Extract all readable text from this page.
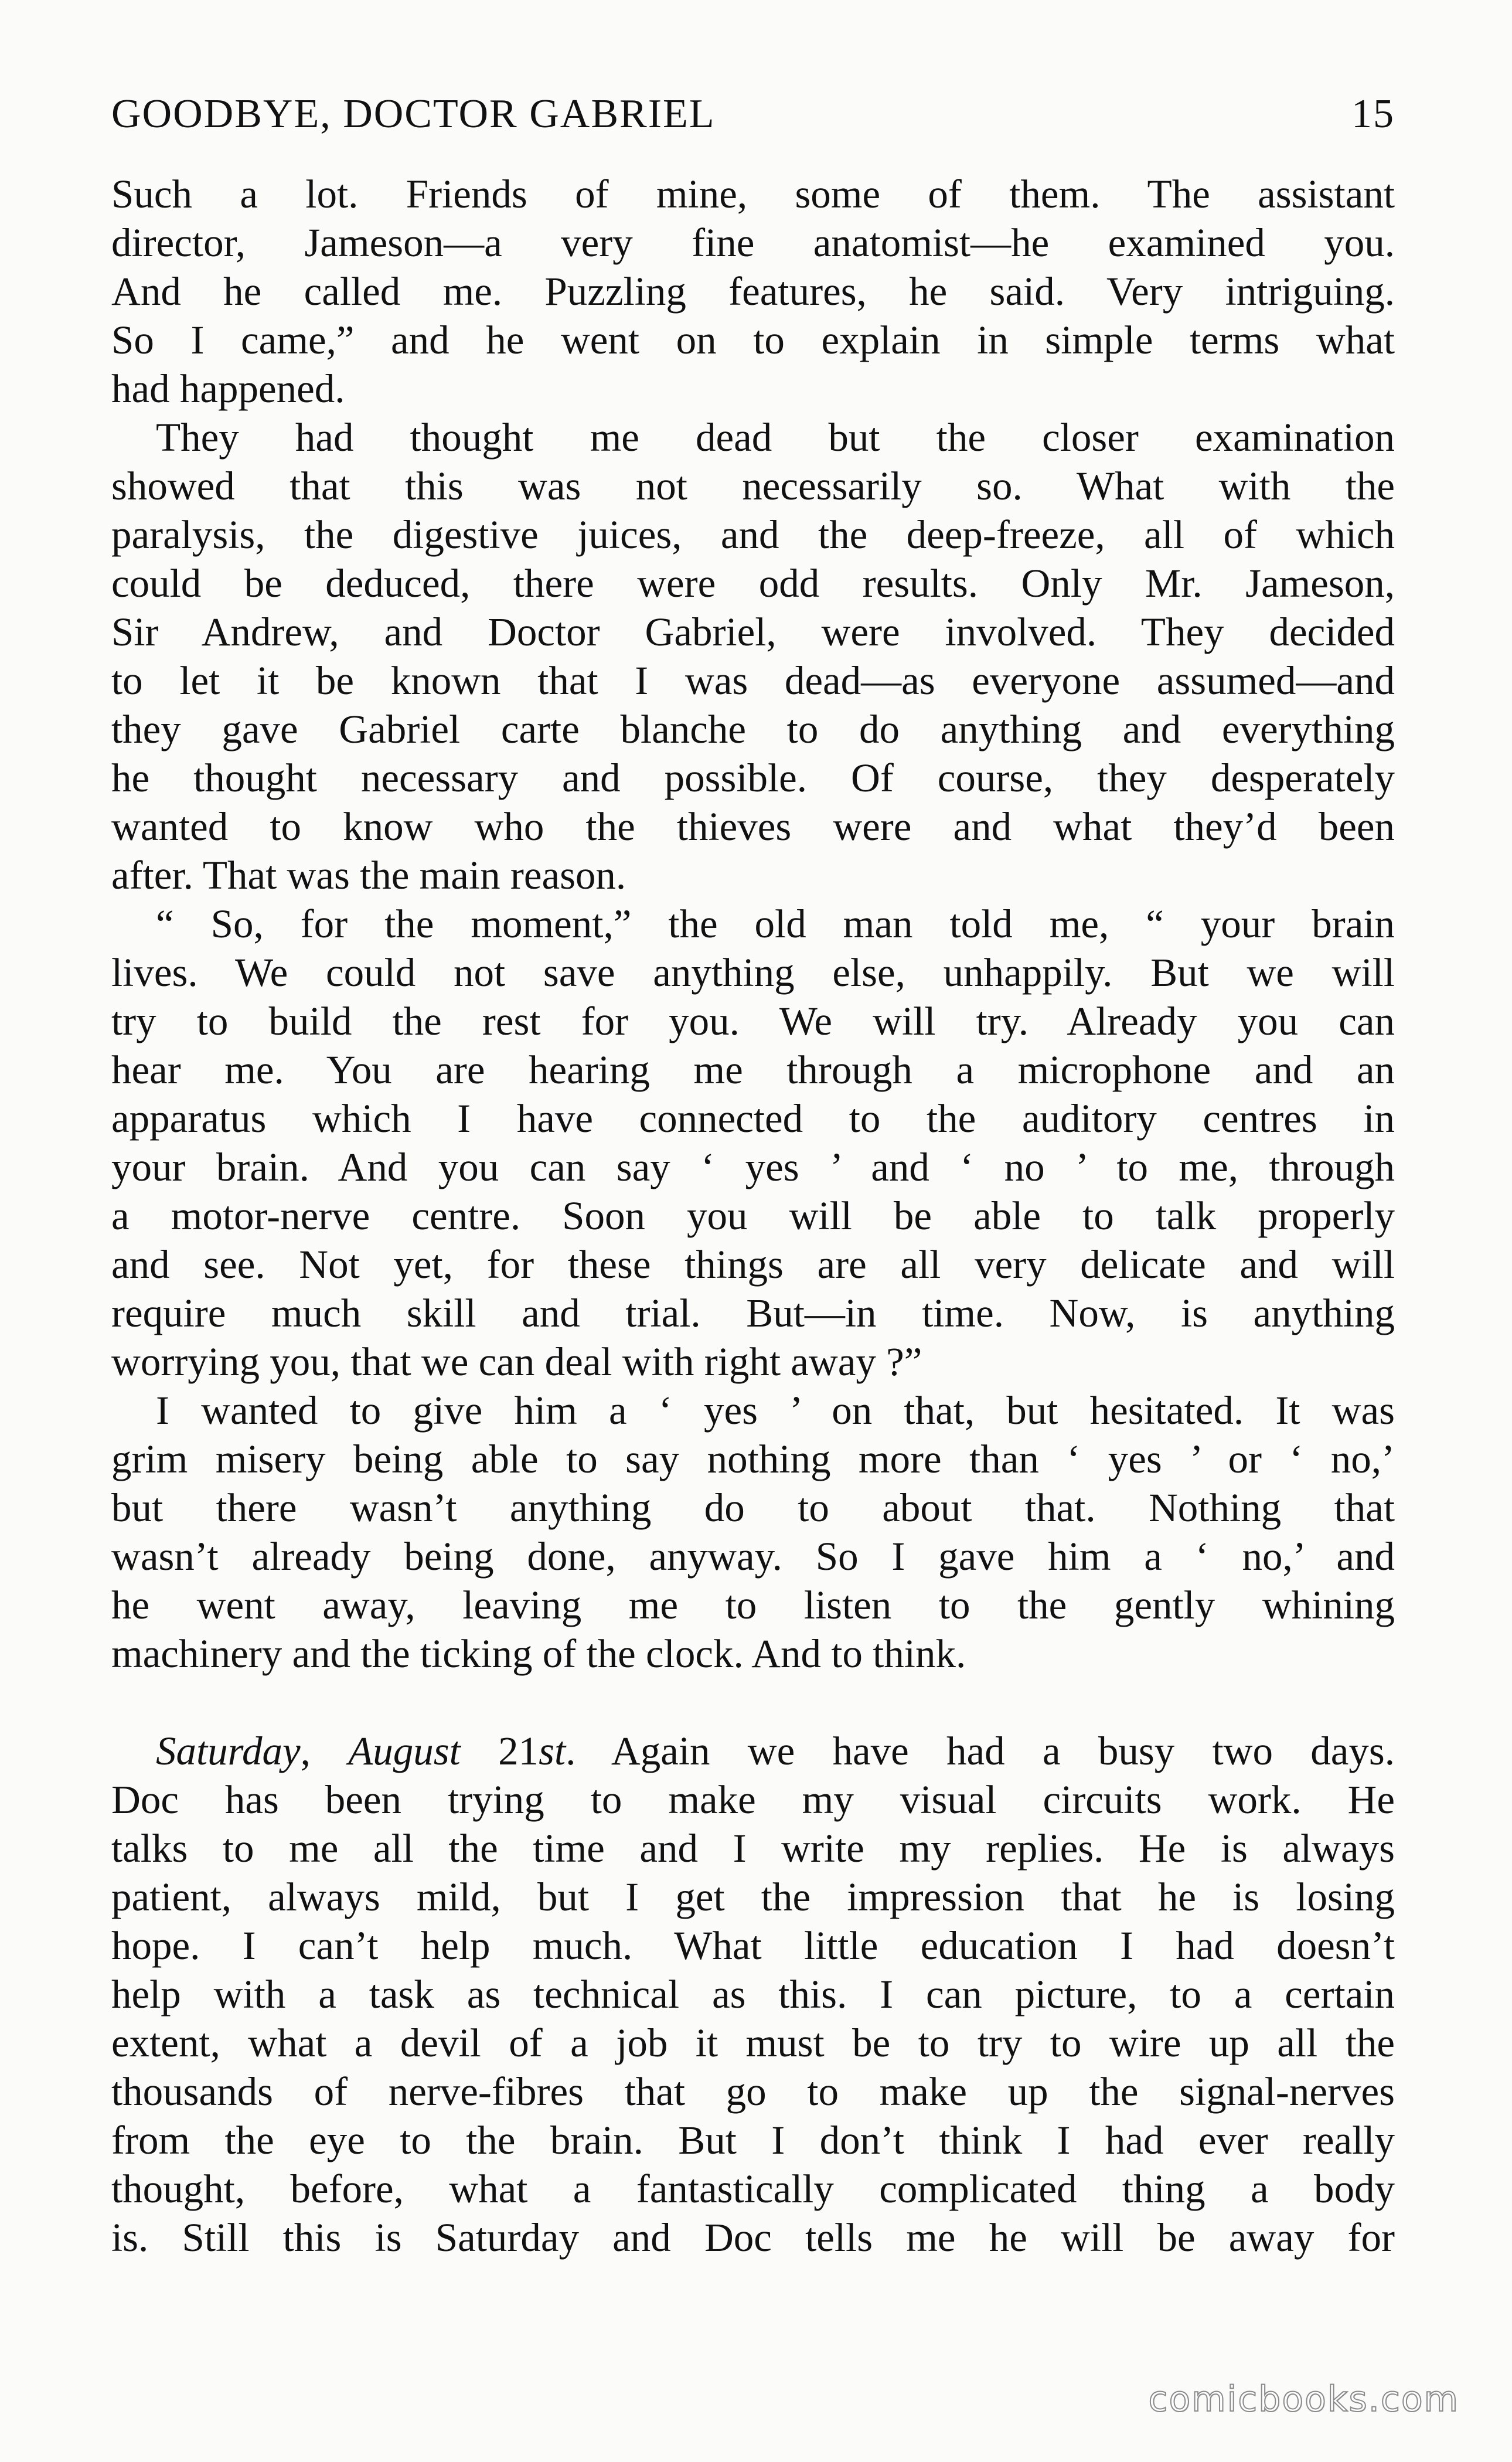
GOODBYE, DOCTOR GABRIEL	15

Such a lot. Friends of mine, some of them. The assistant
director, Jameson—a very fine anatomist—he examined you.
And he called me. Puzzling features, he said. Very intriguing.
So I came,” and he went on to explain in simple terms what
had happened.

They had thought me dead but the closer examination
showed that this was not necessarily so. What with the
paralysis, the digestive juices, and the deep-freeze, all of which
could be deduced, there were odd results. Only Mr. Jameson,
Sir Andrew, and Doctor Gabriel, were involved. They decided
to let it be known that I was dead—as everyone assumed—and
they gave Gabriel carte blanche to do anything and everything
he thought necessary and possible. Of course, they desperately
wanted to know who the thieves were and what they’d been
after. That was the main reason.

“ So, for the moment,” the old man told me, “ your brain
lives. We could not save anything else, unhappily. But we will
try to build the rest for you. We will try. Already you can
hear me. You are hearing me through a microphone and an
apparatus which I have connected to the auditory centres in
your brain. And you can say ‘ yes ’ and ‘ no ’ to me, through
a motor-nerve centre. Soon you will be able to talk properly
and see. Not yet, for these things are all very delicate and will
require much skill and trial. But—in time. Now, is anything
worrying you, that we can deal with right away ?”

I wanted to give him a ‘ yes ’ on that, but hesitated. It was
grim misery being able to say nothing more than ‘ yes ’ or ‘ no,’
but there wasn’t anything do to about that. Nothing that
wasn’t already being done, anyway. So I gave him a ‘ no,’ and
he went away, leaving me to listen to the gently whining
machinery and the ticking of the clock. And to think.

Saturday, August 21st. Again we have had a busy two days.
Doc has been trying to make my visual circuits work. He
talks to me all the time and I write my replies. He is always
patient, always mild, but I get the impression that he is losing
hope. I can’t help much. What little education I had doesn’t
help with a task as technical as this. I can picture, to a certain
extent, what a devil of a job it must be to try to wire up all the
thousands of nerve-fibres that go to make up the signal-nerves
from the eye to the brain. But I don’t think I had ever really
thought, before, what a fantastically complicated thing a body
is. Still this is Saturday and Doc tells me he will be away for

comicbooks.com
